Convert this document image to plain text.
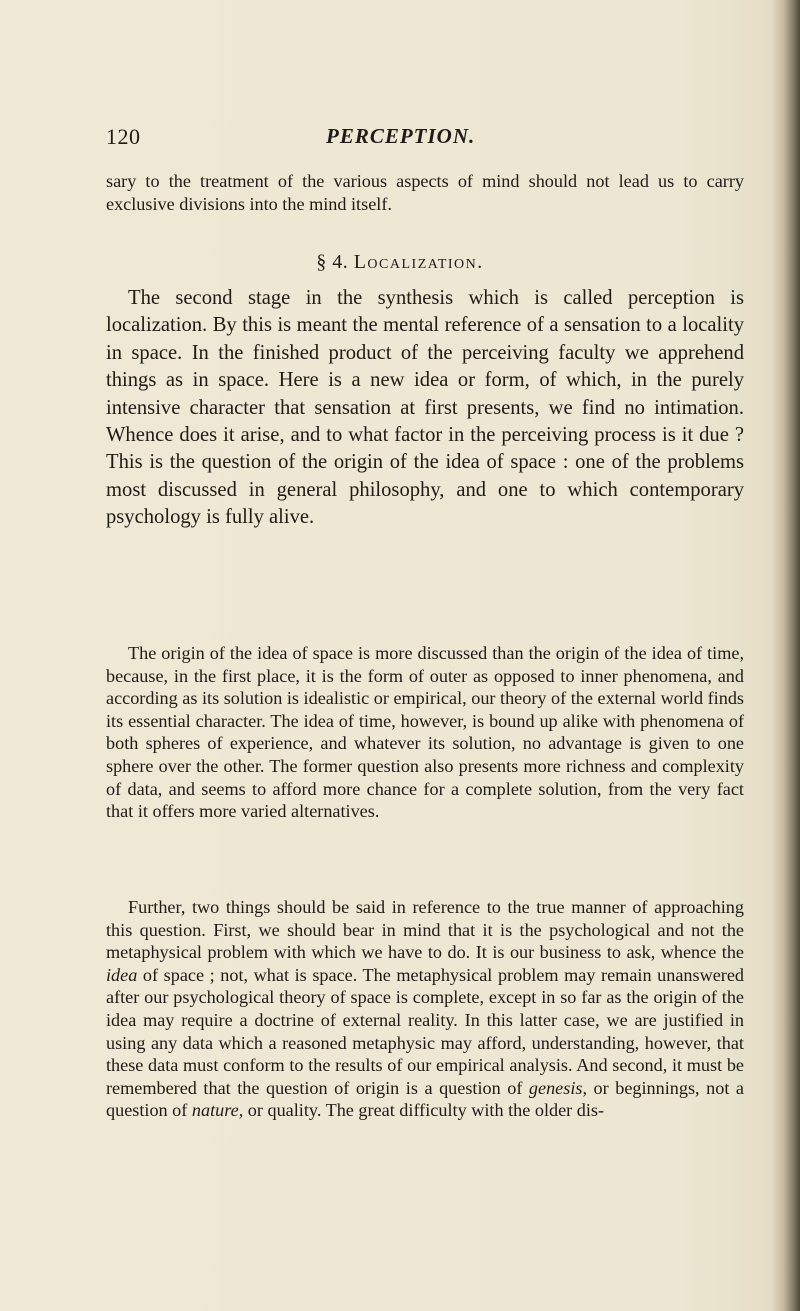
120	PERCEPTION.

sary to the treatment of the various aspects of mind should not lead us to carry exclusive divisions into the mind itself.

§ 4. Localization.

The second stage in the synthesis which is called perception is localization. By this is meant the mental reference of a sensation to a locality in space. In the finished product of the perceiving faculty we apprehend things as in space. Here is a new idea or form, of which, in the purely intensive character that sensation at first presents, we find no intimation. Whence does it arise, and to what factor in the perceiving process is it due ? This is the question of the origin of the idea of space : one of the problems most discussed in general philosophy, and one to which contemporary psychology is fully alive.

The origin of the idea of space is more discussed than the origin of the idea of time, because, in the first place, it is the form of outer as opposed to inner phenomena, and according as its solution is idealistic or empirical, our theory of the external world finds its essential character. The idea of time, however, is bound up alike with phenomena of both spheres of experience, and whatever its solution, no advantage is given to one sphere over the other. The former question also presents more richness and complexity of data, and seems to afford more chance for a complete solution, from the very fact that it offers more varied alternatives.

Further, two things should be said in reference to the true manner of approaching this question. First, we should bear in mind that it is the psychological and not the metaphysical problem with which we have to do. It is our business to ask, whence the idea of space ; not, what is space. The metaphysical problem may remain unanswered after our psychological theory of space is complete, except in so far as the origin of the idea may require a doctrine of external reality. In this latter case, we are justified in using any data which a reasoned metaphysic may afford, understanding, however, that these data must conform to the results of our empirical analysis. And second, it must be remembered that the question of origin is a question of genesis, or beginnings, not a question of nature, or quality. The great difficulty with the older dis-
